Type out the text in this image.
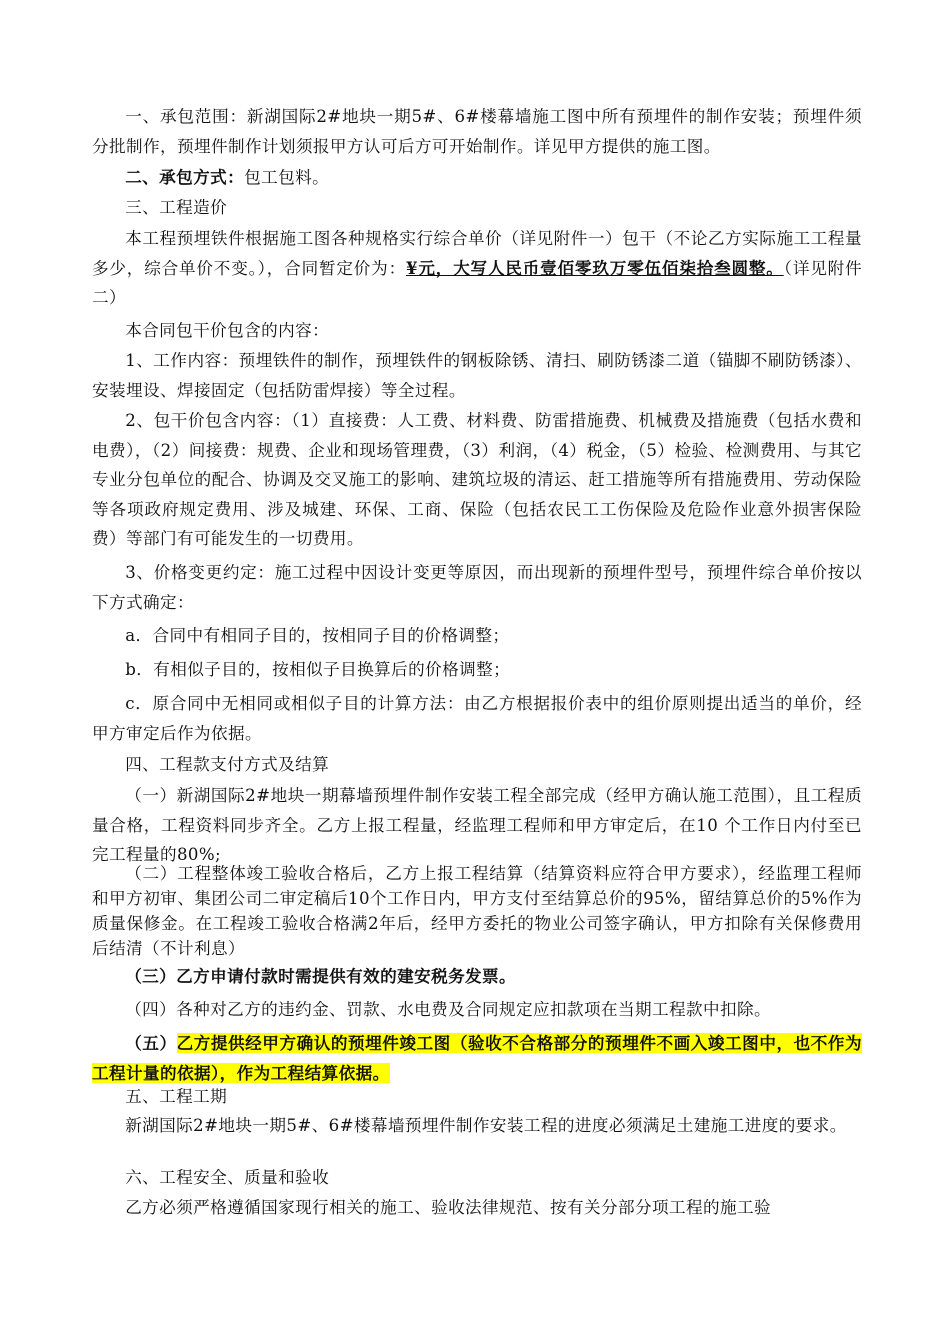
一、承包范围：新湖国际2#地块一期5#、6#楼幕墙施工图中所有预埋件的制作安装；预埋件须分批制作，预埋件制作计划须报甲方认可后方可开始制作。详见甲方提供的施工图。

二、承包方式：包工包料。

三、工程造价

本工程预埋铁件根据施工图各种规格实行综合单价（详见附件一）包干（不论乙方实际施工工程量多少，综合单价不变。），合同暂定价为：¥元，大写人民币壹佰零玖万零伍佰柒拾叁圆整。（详见附件二）

本合同包干价包含的内容：

1、工作内容：预埋铁件的制作，预埋铁件的钢板除锈、清扫、刷防锈漆二道（锚脚不刷防锈漆）、安装埋设、焊接固定（包括防雷焊接）等全过程。

2、包干价包含内容：（1）直接费：人工费、材料费、防雷措施费、机械费及措施费（包括水费和电费），（2）间接费：规费、企业和现场管理费，（3）利润，（4）税金，（5）检验、检测费用、与其它专业分包单位的配合、协调及交叉施工的影响、建筑垃圾的清运、赶工措施等所有措施费用、劳动保险等各项政府规定费用、涉及城建、环保、工商、保险（包括农民工工伤保险及危险作业意外损害保险费）等部门有可能发生的一切费用。

3、价格变更约定：施工过程中因设计变更等原因，而出现新的预埋件型号，预埋件综合单价按以下方式确定：

a．合同中有相同子目的，按相同子目的价格调整；

b．有相似子目的，按相似子目换算后的价格调整；

c．原合同中无相同或相似子目的计算方法：由乙方根据报价表中的组价原则提出适当的单价，经甲方审定后作为依据。

四、工程款支付方式及结算

（一）新湖国际2#地块一期幕墙预埋件制作安装工程全部完成（经甲方确认施工范围），且工程质量合格，工程资料同步齐全。乙方上报工程量，经监理工程师和甲方审定后，在10 个工作日内付至已完工程量的80%;

（二）工程整体竣工验收合格后，乙方上报工程结算（结算资料应符合甲方要求），经监理工程师和甲方初审、集团公司二审定稿后10个工作日内，甲方支付至结算总价的95%，留结算总价的5%作为质量保修金。在工程竣工验收合格满2年后，经甲方委托的物业公司签字确认，甲方扣除有关保修费用后结清（不计利息）

（三）乙方申请付款时需提供有效的建安税务发票。

（四）各种对乙方的违约金、罚款、水电费及合同规定应扣款项在当期工程款中扣除。

（五）乙方提供经甲方确认的预埋件竣工图（验收不合格部分的预埋件不画入竣工图中，也不作为工程计量的依据），作为工程结算依据。

五、工程工期

新湖国际2#地块一期5#、6#楼幕墙预埋件制作安装工程的进度必须满足土建施工进度的要求。

六、工程安全、质量和验收

乙方必须严格遵循国家现行相关的施工、验收法律规范、按有关分部分项工程的施工验
